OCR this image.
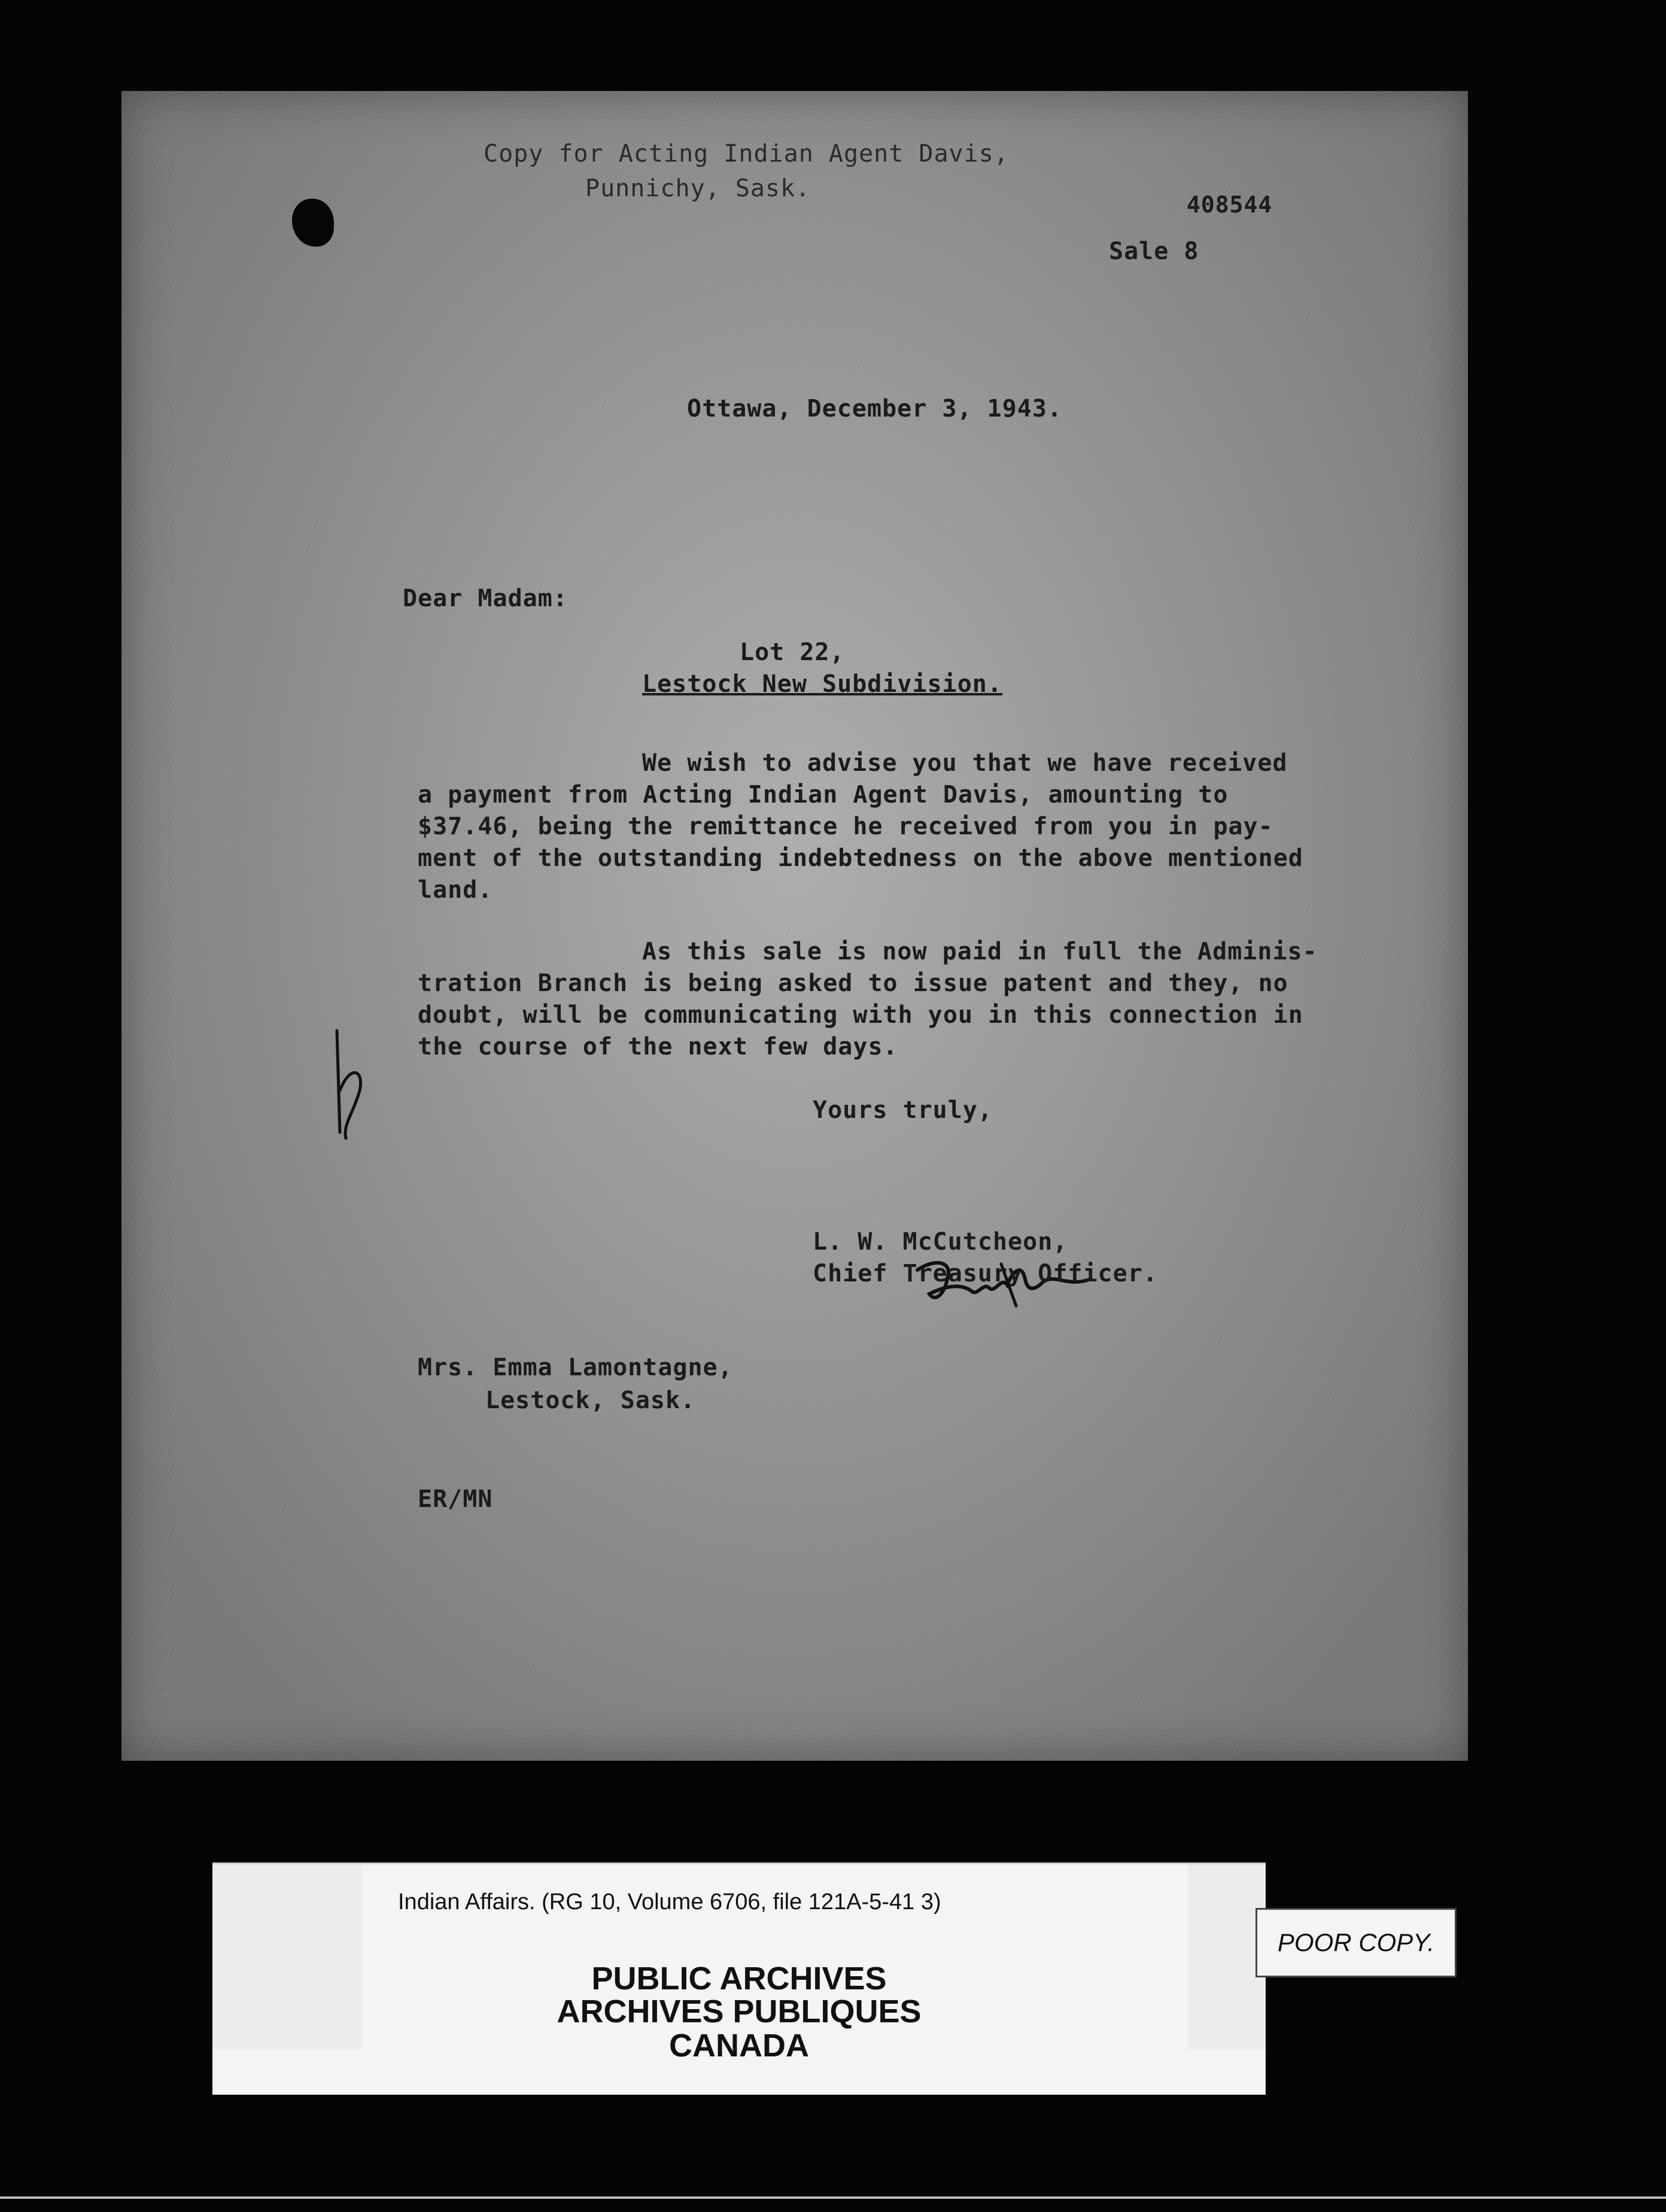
Copy for Acting Indian Agent Davis,
Punnichy, Sask.
408544
Sale 8
Ottawa, December 3, 1943.
Dear Madam:
Lot 22,
Lestock New Subdivision.
We wish to advise you that we have received
a payment from Acting Indian Agent Davis, amounting to
$37.46, being the remittance he received from you in pay-
ment of the outstanding indebtedness on the above mentioned
land.
As this sale is now paid in full the Adminis-
tration Branch is being asked to issue patent and they, no
doubt, will be communicating with you in this connection in
the course of the next few days.
Yours truly,
L. W. McCutcheon,
Chief Treasury Officer.
Mrs. Emma Lamontagne,
Lestock, Sask.
ER/MN
Indian Affairs. (RG 10, Volume 6706, file 121A-5-41 3)
PUBLIC ARCHIVES
ARCHIVES PUBLIQUES
CANADA
POOR COPY.
